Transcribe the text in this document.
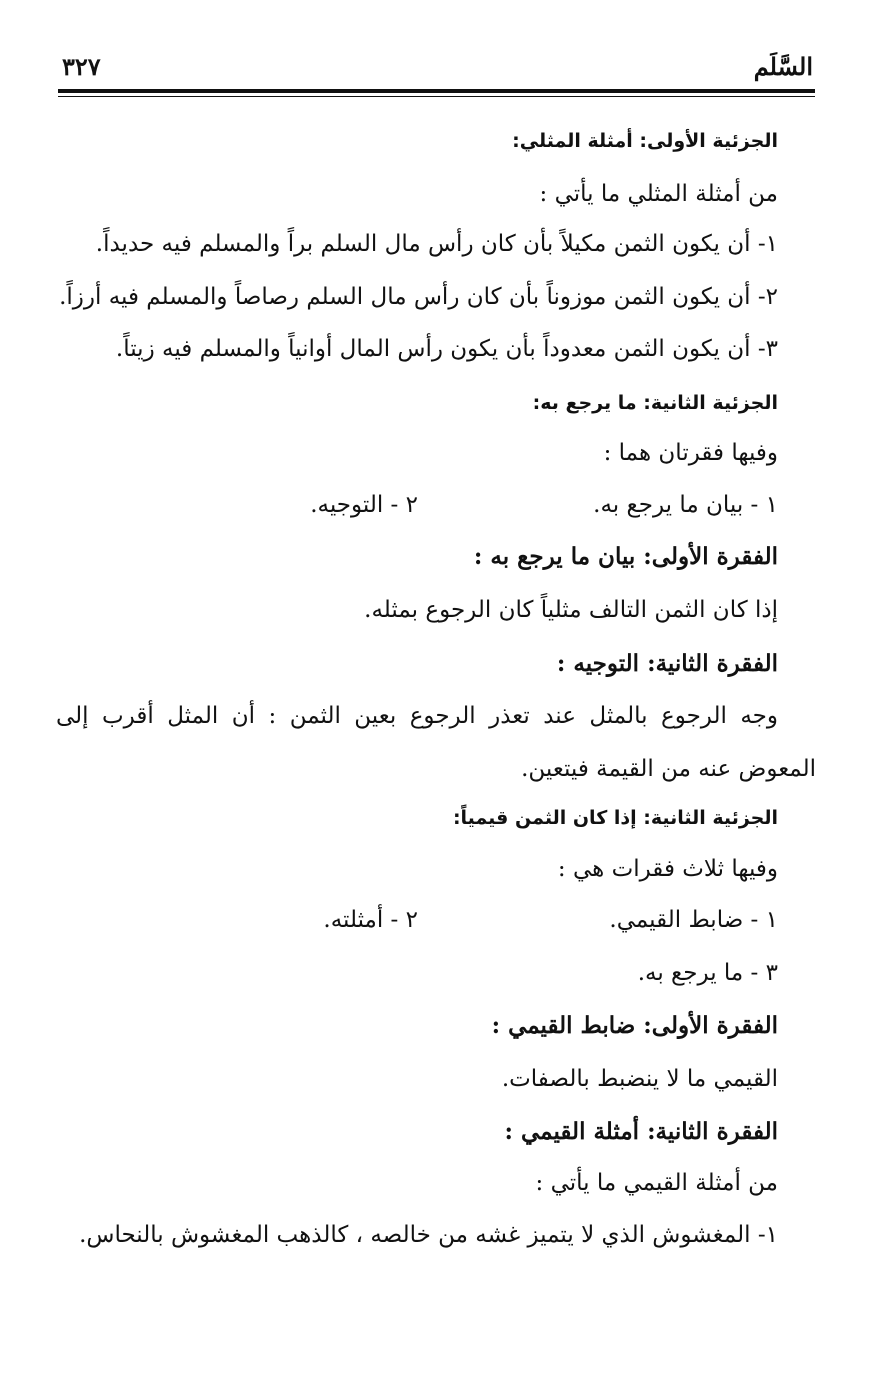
السَّلَم
٣٢٧
الجزئية الأولى: أمثلة المثلي:
من أمثلة المثلي ما يأتي :
١- أن يكون الثمن مكيلاً بأن كان رأس مال السلم براً والمسلم فيه حديداً.
٢- أن يكون الثمن موزوناً بأن كان رأس مال السلم رصاصاً والمسلم فيه أرزاً.
٣- أن يكون الثمن معدوداً بأن يكون رأس المال أوانياً والمسلم فيه زيتاً.
الجزئية الثانية: ما يرجع به:
وفيها فقرتان هما :
١ - بيان ما يرجع به.
٢ - التوجيه.
الفقرة الأولى: بيان ما يرجع به :
إذا كان الثمن التالف مثلياً كان الرجوع بمثله.
الفقرة الثانية: التوجيه :
وجه الرجوع بالمثل عند تعذر الرجوع بعين الثمن : أن المثل أقرب إلى
المعوض عنه من القيمة فيتعين.
الجزئية الثانية: إذا كان الثمن قيمياً:
وفيها ثلاث فقرات هي :
١ - ضابط القيمي.
٢ - أمثلته.
٣ - ما يرجع به.
الفقرة الأولى: ضابط القيمي :
القيمي ما لا ينضبط بالصفات.
الفقرة الثانية: أمثلة القيمي :
من أمثلة القيمي ما يأتي :
١- المغشوش الذي لا يتميز غشه من خالصه ، كالذهب المغشوش بالنحاس.
